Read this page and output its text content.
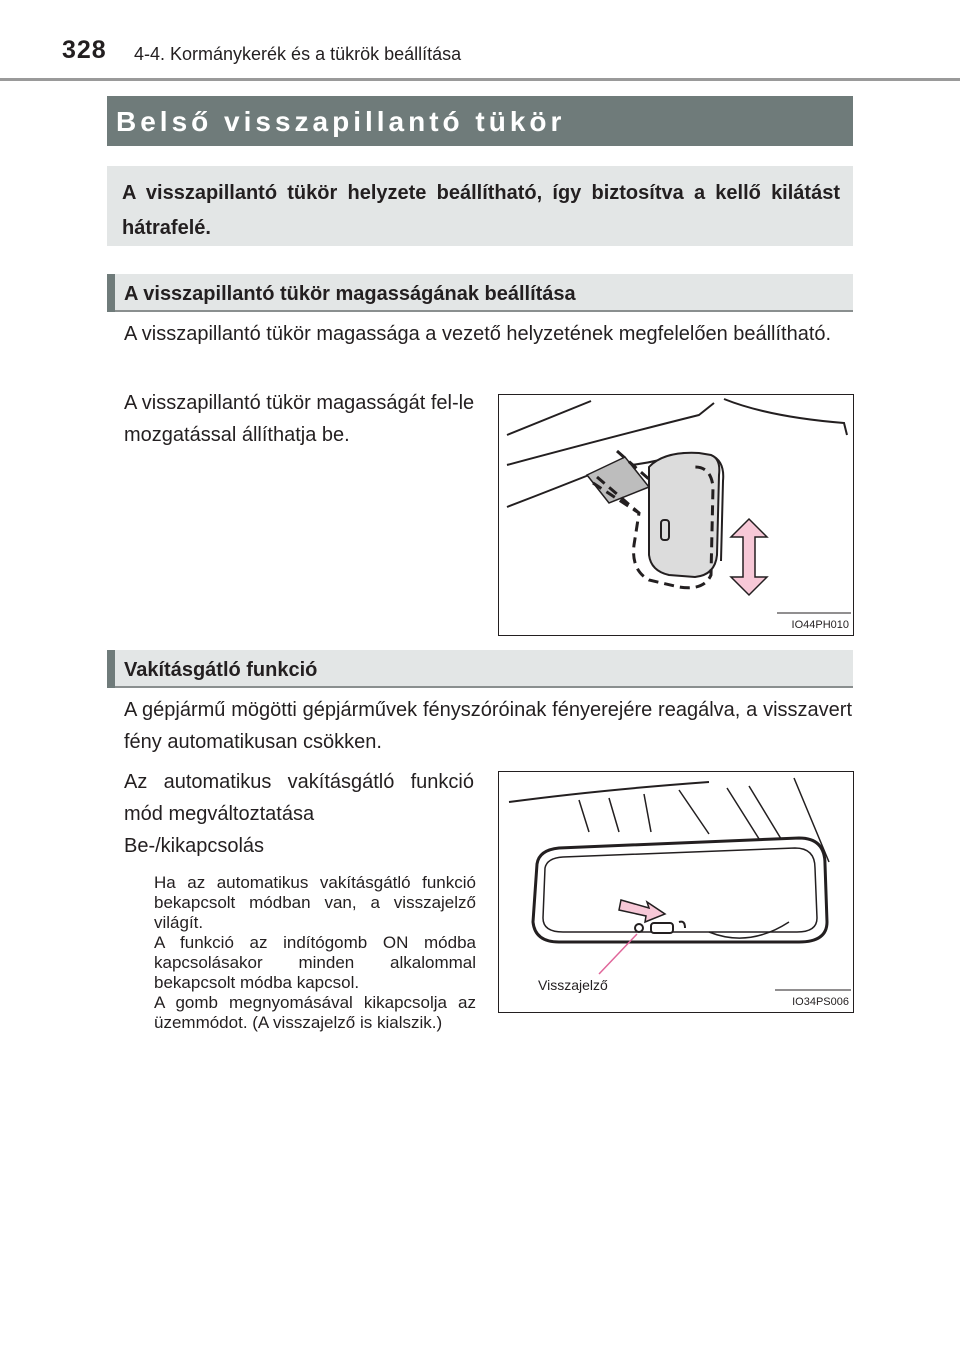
328 4-4. Kormánykerék és a tükrök beállítása
Belső visszapillantó tükör
A visszapillantó tükör helyzete beállítható, így biztosítva a kellő kilátást hátrafelé.
A visszapillantó tükör magasságának beállítása
A visszapillantó tükör magassága a vezető helyzetének megfelelően beállítható.
A visszapillantó tükör magasságát fel-le mozgatással állíthatja be.
IO44PH010
Vakításgátló funkció
A gépjármű mögötti gépjárművek fényszóróinak fényerejére reagálva, a visszavert fény automatikusan csökken.
Az automatikus vakításgátló funkció mód megváltoztatása
Be-/kikapcsolás
Ha az automatikus vakításgátló funkció bekapcsolt módban van, a visszajelző világít.
A funkció az indítógomb ON módba kapcsolásakor minden alkalommal bekapcsolt módba kapcsol.
A gomb megnyomásával kikapcsolja az üzemmódot. (A visszajelző is kialszik.)
Visszajelző
IO34PS006
